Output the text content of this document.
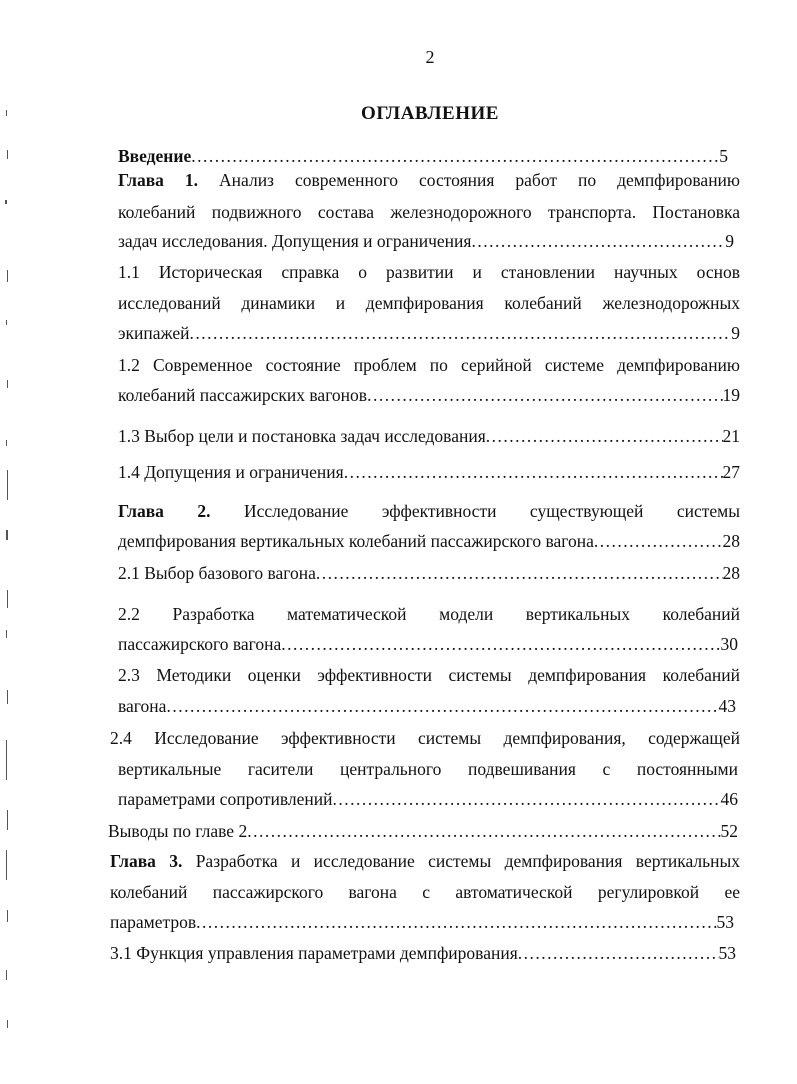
2
ОГЛАВЛЕНИЕ
Введение .....	5
Глава 1. Анализ современного состояния работ по демпфированию
колебаний подвижного состава железнодорожного транспорта. Постановка
задач исследования. Допущения и ограничения .....	9
1.1 Историческая справка о развитии и становлении научных основ
исследований динамики и демпфирования колебаний железнодорожных
экипажей .....	9
1.2 Современное состояние проблем по серийной системе демпфированию
колебаний пассажирских вагонов .....	19
1.3 Выбор цели и постановка задач исследования .....	21
1.4 Допущения и ограничения .....	27
Глава 2. Исследование эффективности существующей системы
демпфирования вертикальных колебаний пассажирского вагона .....	28
2.1 Выбор базового вагона .....	28
2.2 Разработка математической модели вертикальных колебаний
пассажирского вагона .....	30
2.3 Методики оценки эффективности системы демпфирования колебаний
вагона .....	43
2.4 Исследование эффективности системы демпфирования, содержащей
вертикальные гасители центрального подвешивания с постоянными
параметрами сопротивлений .....	46
Выводы по главе 2 .....	52
Глава 3. Разработка и исследование системы демпфирования вертикальных
колебаний пассажирского вагона с автоматической регулировкой ее
параметров .....	53
3.1 Функция управления параметрами демпфирования .....	53
